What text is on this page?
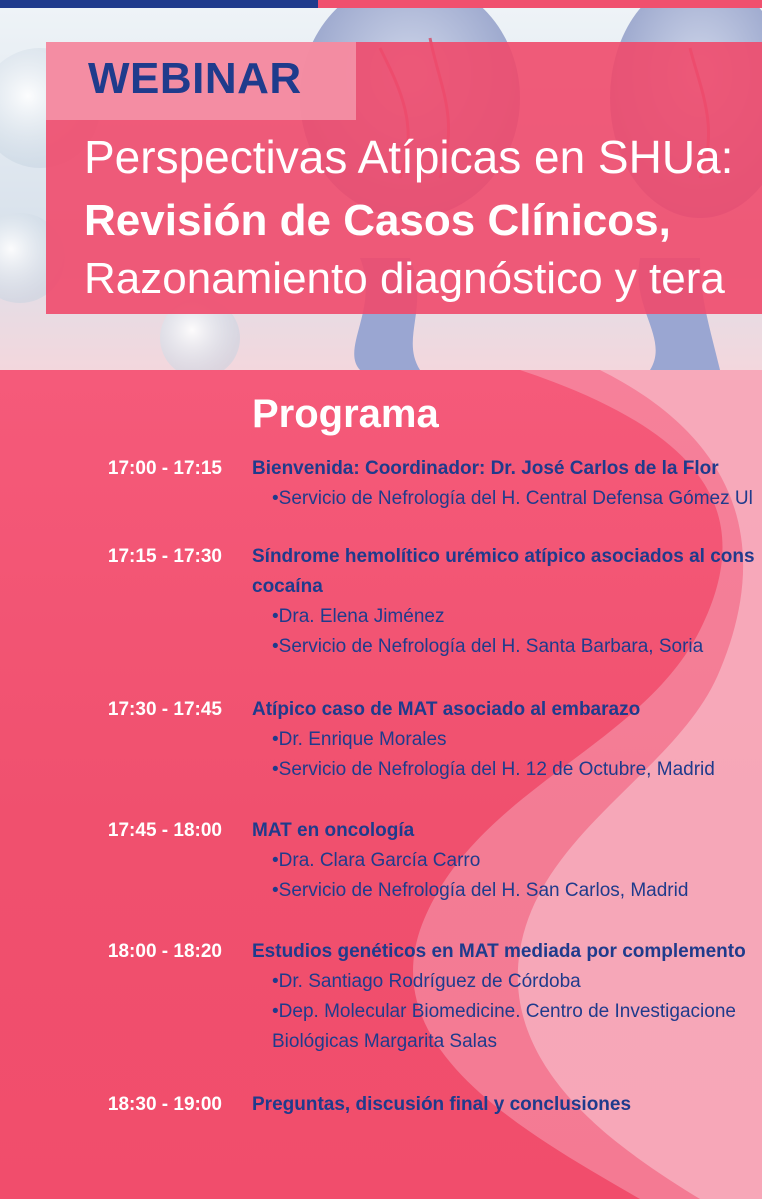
WEBINAR
Perspectivas Atípicas en SHUa:
Revisión de Casos Clínicos,
Razonamiento diagnóstico y tera
Programa
17:00 - 17:15 Bienvenida: Coordinador: Dr. José Carlos de la Flor
•Servicio de Nefrología del H. Central Defensa Gómez Ul
17:15 - 17:30 Síndrome hemolítico urémico atípico asociados al cons
cocaína
•Dra. Elena Jiménez
•Servicio de Nefrología del H. Santa Barbara, Soria
17:30 - 17:45 Atípico caso de MAT asociado al embarazo
•Dr. Enrique Morales
•Servicio de Nefrología del H. 12 de Octubre, Madrid
17:45 - 18:00 MAT en oncología
•Dra. Clara García Carro
•Servicio de Nefrología del H. San Carlos, Madrid
18:00 - 18:20 Estudios genéticos en MAT mediada por complemento
•Dr. Santiago Rodríguez de Córdoba
•Dep. Molecular Biomedicine. Centro de Investigacione
Biológicas Margarita Salas
18:30 - 19:00 Preguntas, discusión final y conclusiones
